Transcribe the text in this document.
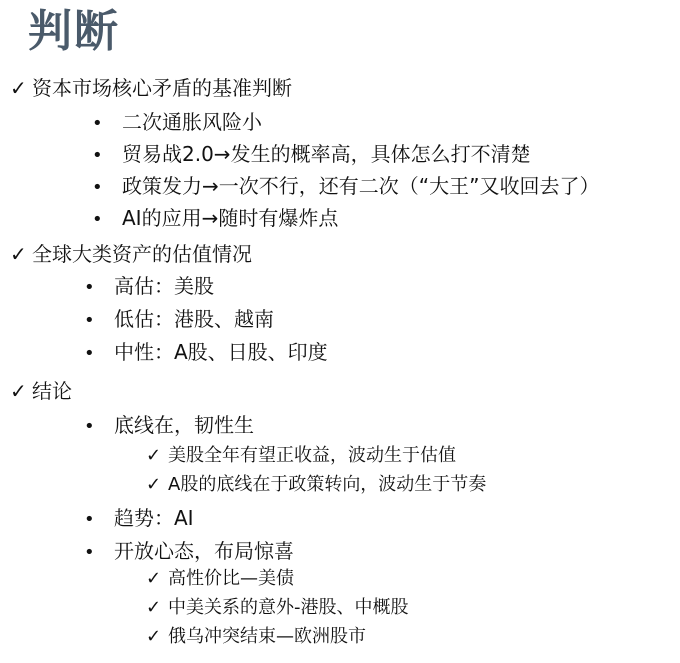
判断
✓ 资本市场核心矛盾的基准判断
• 二次通胀风险小
• 贸易战2.0→发生的概率高，具体怎么打不清楚
• 政策发力→一次不行，还有二次（“大王”又收回去了）
• AI的应用→随时有爆炸点
✓ 全球大类资产的估值情况
• 高估：美股
• 低估：港股、越南
• 中性：A股、日股、印度
✓ 结论
• 底线在，韧性生
✓ 美股全年有望正收益，波动生于估值
✓ A股的底线在于政策转向，波动生于节奏
• 趋势：AI
• 开放心态，布局惊喜
✓ 高性价比—美债
✓ 中美关系的意外-港股、中概股
✓ 俄乌冲突结束—欧洲股市
